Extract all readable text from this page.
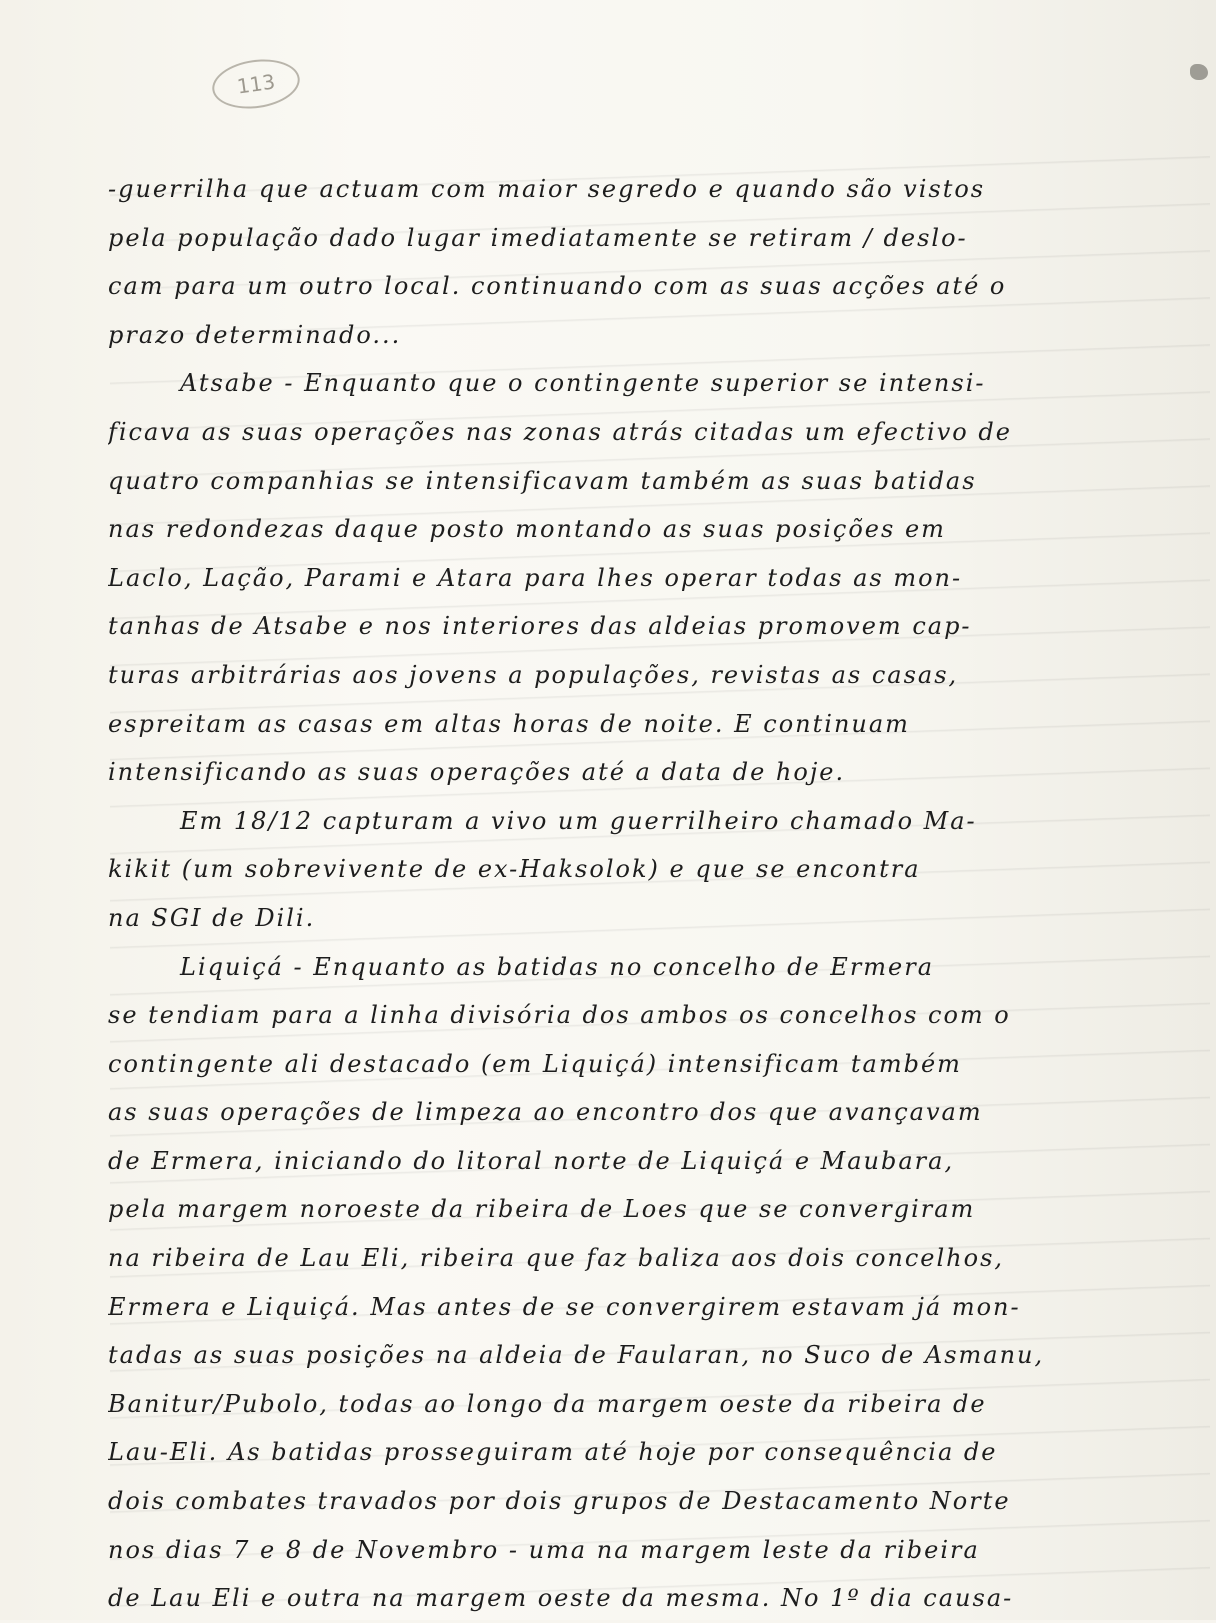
113
-guerrilha que actuam com maior segredo e quando são vistos
pela população dado lugar imediatamente se retiram / deslo-
cam para um outro local. continuando com as suas acções até o
prazo determinado...
Atsabe - Enquanto que o contingente superior se intensi-
ficava as suas operações nas zonas atrás citadas um efectivo de
quatro companhias se intensificavam também as suas batidas
nas redondezas daque posto montando as suas posições em
Laclo, Lação, Parami e Atara para lhes operar todas as mon-
tanhas de Atsabe e nos interiores das aldeias promovem cap-
turas arbitrárias aos jovens a populações, revistas as casas,
espreitam as casas em altas horas de noite. E continuam
intensificando as suas operações até a data de hoje.
Em 18/12 capturam a vivo um guerrilheiro chamado Ma-
kikit (um sobrevivente de ex-Haksolok) e que se encontra
na SGI de Dili.
Liquiçá - Enquanto as batidas no concelho de Ermera
se tendiam para a linha divisória dos ambos os concelhos com o
contingente ali destacado (em Liquiçá) intensificam também
as suas operações de limpeza ao encontro dos que avançavam
de Ermera, iniciando do litoral norte de Liquiçá e Maubara,
pela margem noroeste da ribeira de Loes que se convergiram
na ribeira de Lau Eli, ribeira que faz baliza aos dois concelhos,
Ermera e Liquiçá. Mas antes de se convergirem estavam já mon-
tadas as suas posições na aldeia de Faularan, no Suco de Asmanu,
Banitur/Pubolo, todas ao longo da margem oeste da ribeira de
Lau-Eli. As batidas prosseguiram até hoje por consequência de
dois combates travados por dois grupos de Destacamento Norte
nos dias 7 e 8 de Novembro - uma na margem leste da ribeira
de Lau Eli e outra na margem oeste da mesma. No 1º dia causa-
